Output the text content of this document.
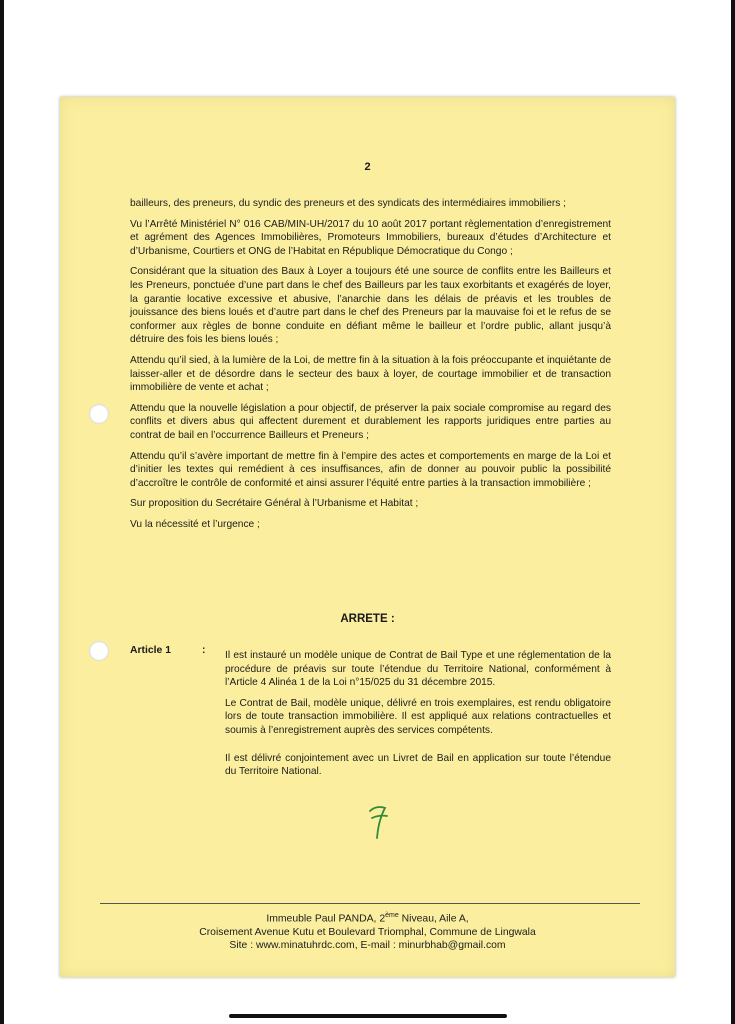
2

bailleurs, des preneurs, du syndic des preneurs et des syndicats des intermédiaires immobiliers ;

Vu l’Arrêté Ministériel N° 016 CAB/MIN-UH/2017 du 10 août 2017 portant règlementation d’enregistrement et agrément des Agences Immobilières, Promoteurs Immobiliers, bureaux d’études d’Architecture et d’Urbanisme, Courtiers et ONG de l’Habitat en République Démocratique du Congo ;

Considérant que la situation des Baux à Loyer a toujours été une source de conflits entre les Bailleurs et les Preneurs, ponctuée d’une part dans le chef des Bailleurs par les taux exorbitants et exagérés de loyer, la garantie locative excessive et abusive, l’anarchie dans les délais de préavis et les troubles de jouissance des biens loués et d’autre part dans le chef des Preneurs par la mauvaise foi et le refus de se conformer aux règles de bonne conduite en défiant même le bailleur et l’ordre public, allant jusqu’à détruire des fois les biens loués ;

Attendu qu’il sied, à la lumière de la Loi, de mettre fin à la situation à la fois préoccupante et inquiétante de laisser-aller et de désordre dans le secteur des baux à loyer, de courtage immobilier et de transaction immobilière de vente et achat ;

Attendu que la nouvelle législation a pour objectif, de préserver la paix sociale compromise au regard des conflits et divers abus qui affectent durement et durablement les rapports juridiques entre parties au contrat de bail en l’occurrence Bailleurs et Preneurs ;

Attendu qu’il s’avère important de mettre fin à l’empire des actes et comportements en marge de la Loi et d’initier les textes qui remédient à ces insuffisances, afin de donner au pouvoir public la possibilité d’accroître le contrôle de conformité et ainsi assurer l’équité entre parties à la transaction immobilière ;

Sur proposition du Secrétaire Général à l’Urbanisme et Habitat ;

Vu la nécessité et l’urgence ;

ARRETE :
Article 1	: Il est instauré un modèle unique de Contrat de Bail Type et une réglementation de la procédure de préavis sur toute l’étendue du Territoire National, conformément à l’Article 4 Alinéa 1 de la Loi n°15/025 du 31 décembre 2015.

Le Contrat de Bail, modèle unique, délivré en trois exemplaires, est rendu obligatoire lors de toute transaction immobilière. Il est appliqué aux relations contractuelles et soumis à l’enregistrement auprès des services compétents.

Il est délivré conjointement avec un Livret de Bail en application sur toute l’étendue du Territoire National.

Immeuble Paul PANDA, 2ème Niveau, Aile A,
Croisement Avenue Kutu et Boulevard Triomphal, Commune de Lingwala
Site : www.minatuhrdc.com, E-mail : minurbhab@gmail.com
